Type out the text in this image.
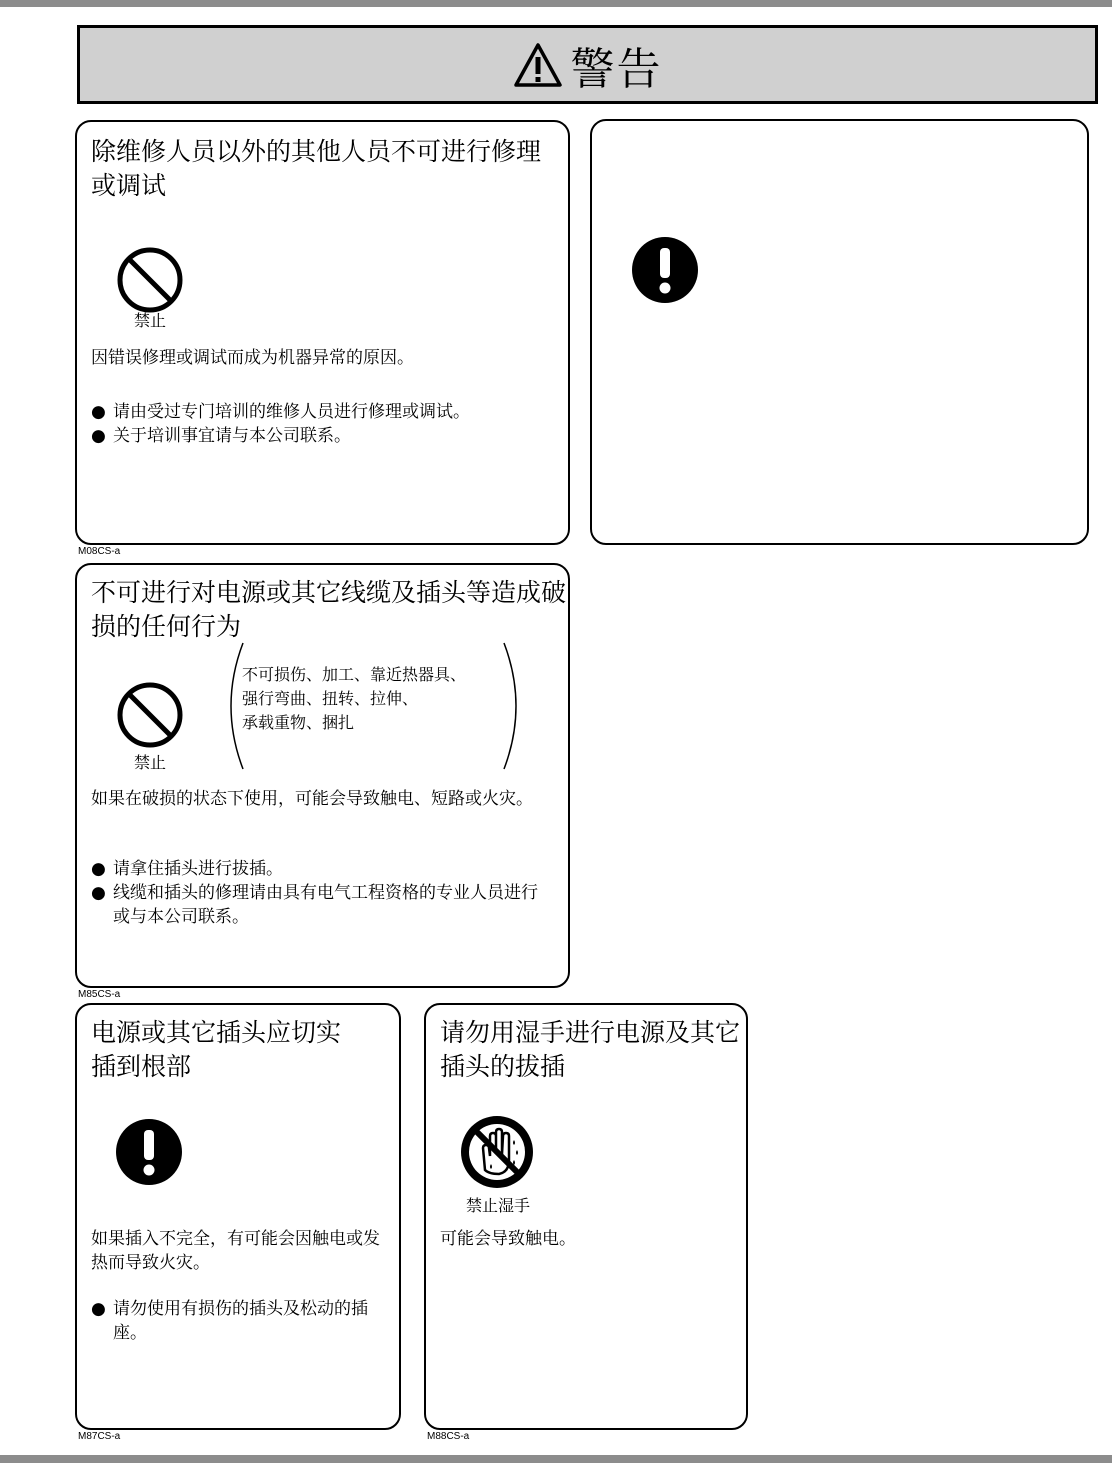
警告
除维修人员以外的其他人员不可进行修理或调试
禁止
因错误修理或调试而成为机器异常的原因。
● 请由受过专门培训的维修人员进行修理或调试。
● 关于培训事宜请与本公司联系。
M08CS-a
不可进行对电源或其它线缆及插头等造成破损的任何行为
禁止
不可损伤、加工、靠近热器具、
强行弯曲、扭转、拉伸、
承载重物、捆扎
如果在破损的状态下使用，可能会导致触电、短路或火灾。
● 请拿住插头进行拔插。
● 线缆和插头的修理请由具有电气工程资格的专业人员进行或与本公司联系。
M85CS-a
电源或其它插头应切实插到根部
如果插入不完全，有可能会因触电或发热而导致火灾。
● 请勿使用有损伤的插头及松动的插座。
M87CS-a
请勿用湿手进行电源及其它插头的拔插
禁止湿手
可能会导致触电。
M88CS-a
